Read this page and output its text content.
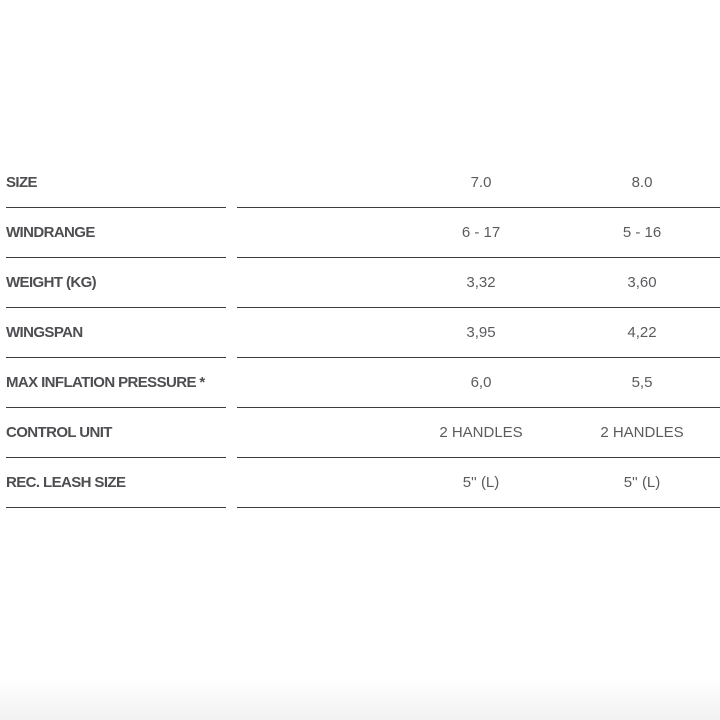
SIZE	7.0	8.0
WINDRANGE	6 - 17	5 - 16
WEIGHT (KG)	3,32	3,60
WINGSPAN	3,95	4,22
MAX INFLATION PRESSURE *	6,0	5,5
CONTROL UNIT	2 HANDLES	2 HANDLES
REC. LEASH SIZE	5'' (L)	5'' (L)
